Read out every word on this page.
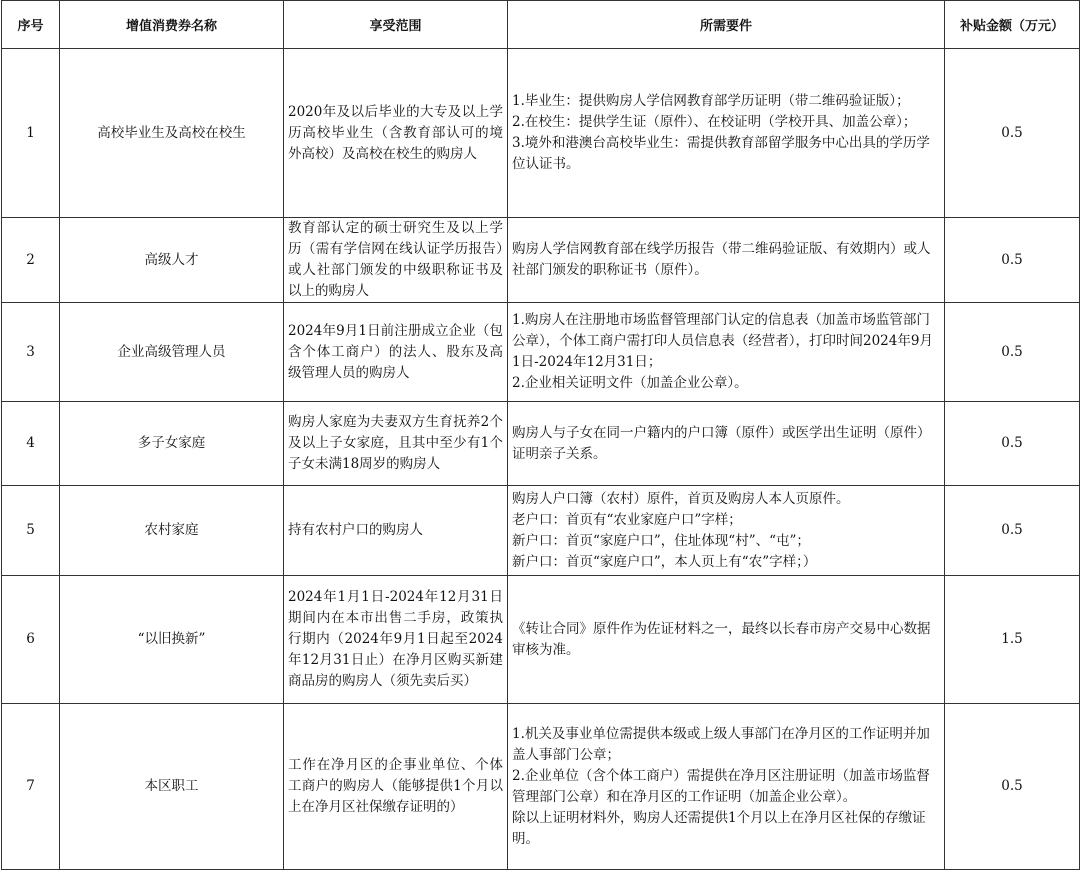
序号	增值消费券名称	享受范围	所需要件	补贴金额（万元）
1	高校毕业生及高校在校生	2020年及以后毕业的大专及以上学历高校毕业生（含教育部认可的境外高校）及高校在校生的购房人	1.毕业生：提供购房人学信网教育部学历证明（带二维码验证版）；
2.在校生：提供学生证（原件）、在校证明（学校开具、加盖公章）；
3.境外和港澳台高校毕业生：需提供教育部留学服务中心出具的学历学位认证书。	0.5
2	高级人才	教育部认定的硕士研究生及以上学历（需有学信网在线认证学历报告）或人社部门颁发的中级职称证书及以上的购房人	购房人学信网教育部在线学历报告（带二维码验证版、有效期内）或人社部门颁发的职称证书（原件）。	0.5
3	企业高级管理人员	2024年9月1日前注册成立企业（包含个体工商户）的法人、股东及高级管理人员的购房人	1.购房人在注册地市场监督管理部门认定的信息表（加盖市场监管部门公章），个体工商户需打印人员信息表（经营者），打印时间2024年9月1日-2024年12月31日；
2.企业相关证明文件（加盖企业公章）。	0.5
4	多子女家庭	购房人家庭为夫妻双方生育抚养2个及以上子女家庭，且其中至少有1个子女未满18周岁的购房人	购房人与子女在同一户籍内的户口簿（原件）或医学出生证明（原件）证明亲子关系。	0.5
5	农村家庭	持有农村户口的购房人	购房人户口簿（农村）原件，首页及购房人本人页原件。
老户口：首页有“农业家庭户口”字样；
新户口：首页“家庭户口”，住址体现“村”、“屯”；
新户口：首页“家庭户口”，本人页上有“农”字样；）	0.5
6	“以旧换新”	2024年1月1日-2024年12月31日期间内在本市出售二手房，政策执行期内（2024年9月1日起至2024年12月31日止）在净月区购买新建商品房的购房人（须先卖后买）	《转让合同》原件作为佐证材料之一，最终以长春市房产交易中心数据审核为准。	1.5
7	本区职工	工作在净月区的企事业单位、个体工商户的购房人（能够提供1个月以上在净月区社保缴存证明的）	1.机关及事业单位需提供本级或上级人事部门在净月区的工作证明并加盖人事部门公章；
2.企业单位（含个体工商户）需提供在净月区注册证明（加盖市场监督管理部门公章）和在净月区的工作证明（加盖企业公章）。
除以上证明材料外，购房人还需提供1个月以上在净月区社保的存缴证明。	0.5
